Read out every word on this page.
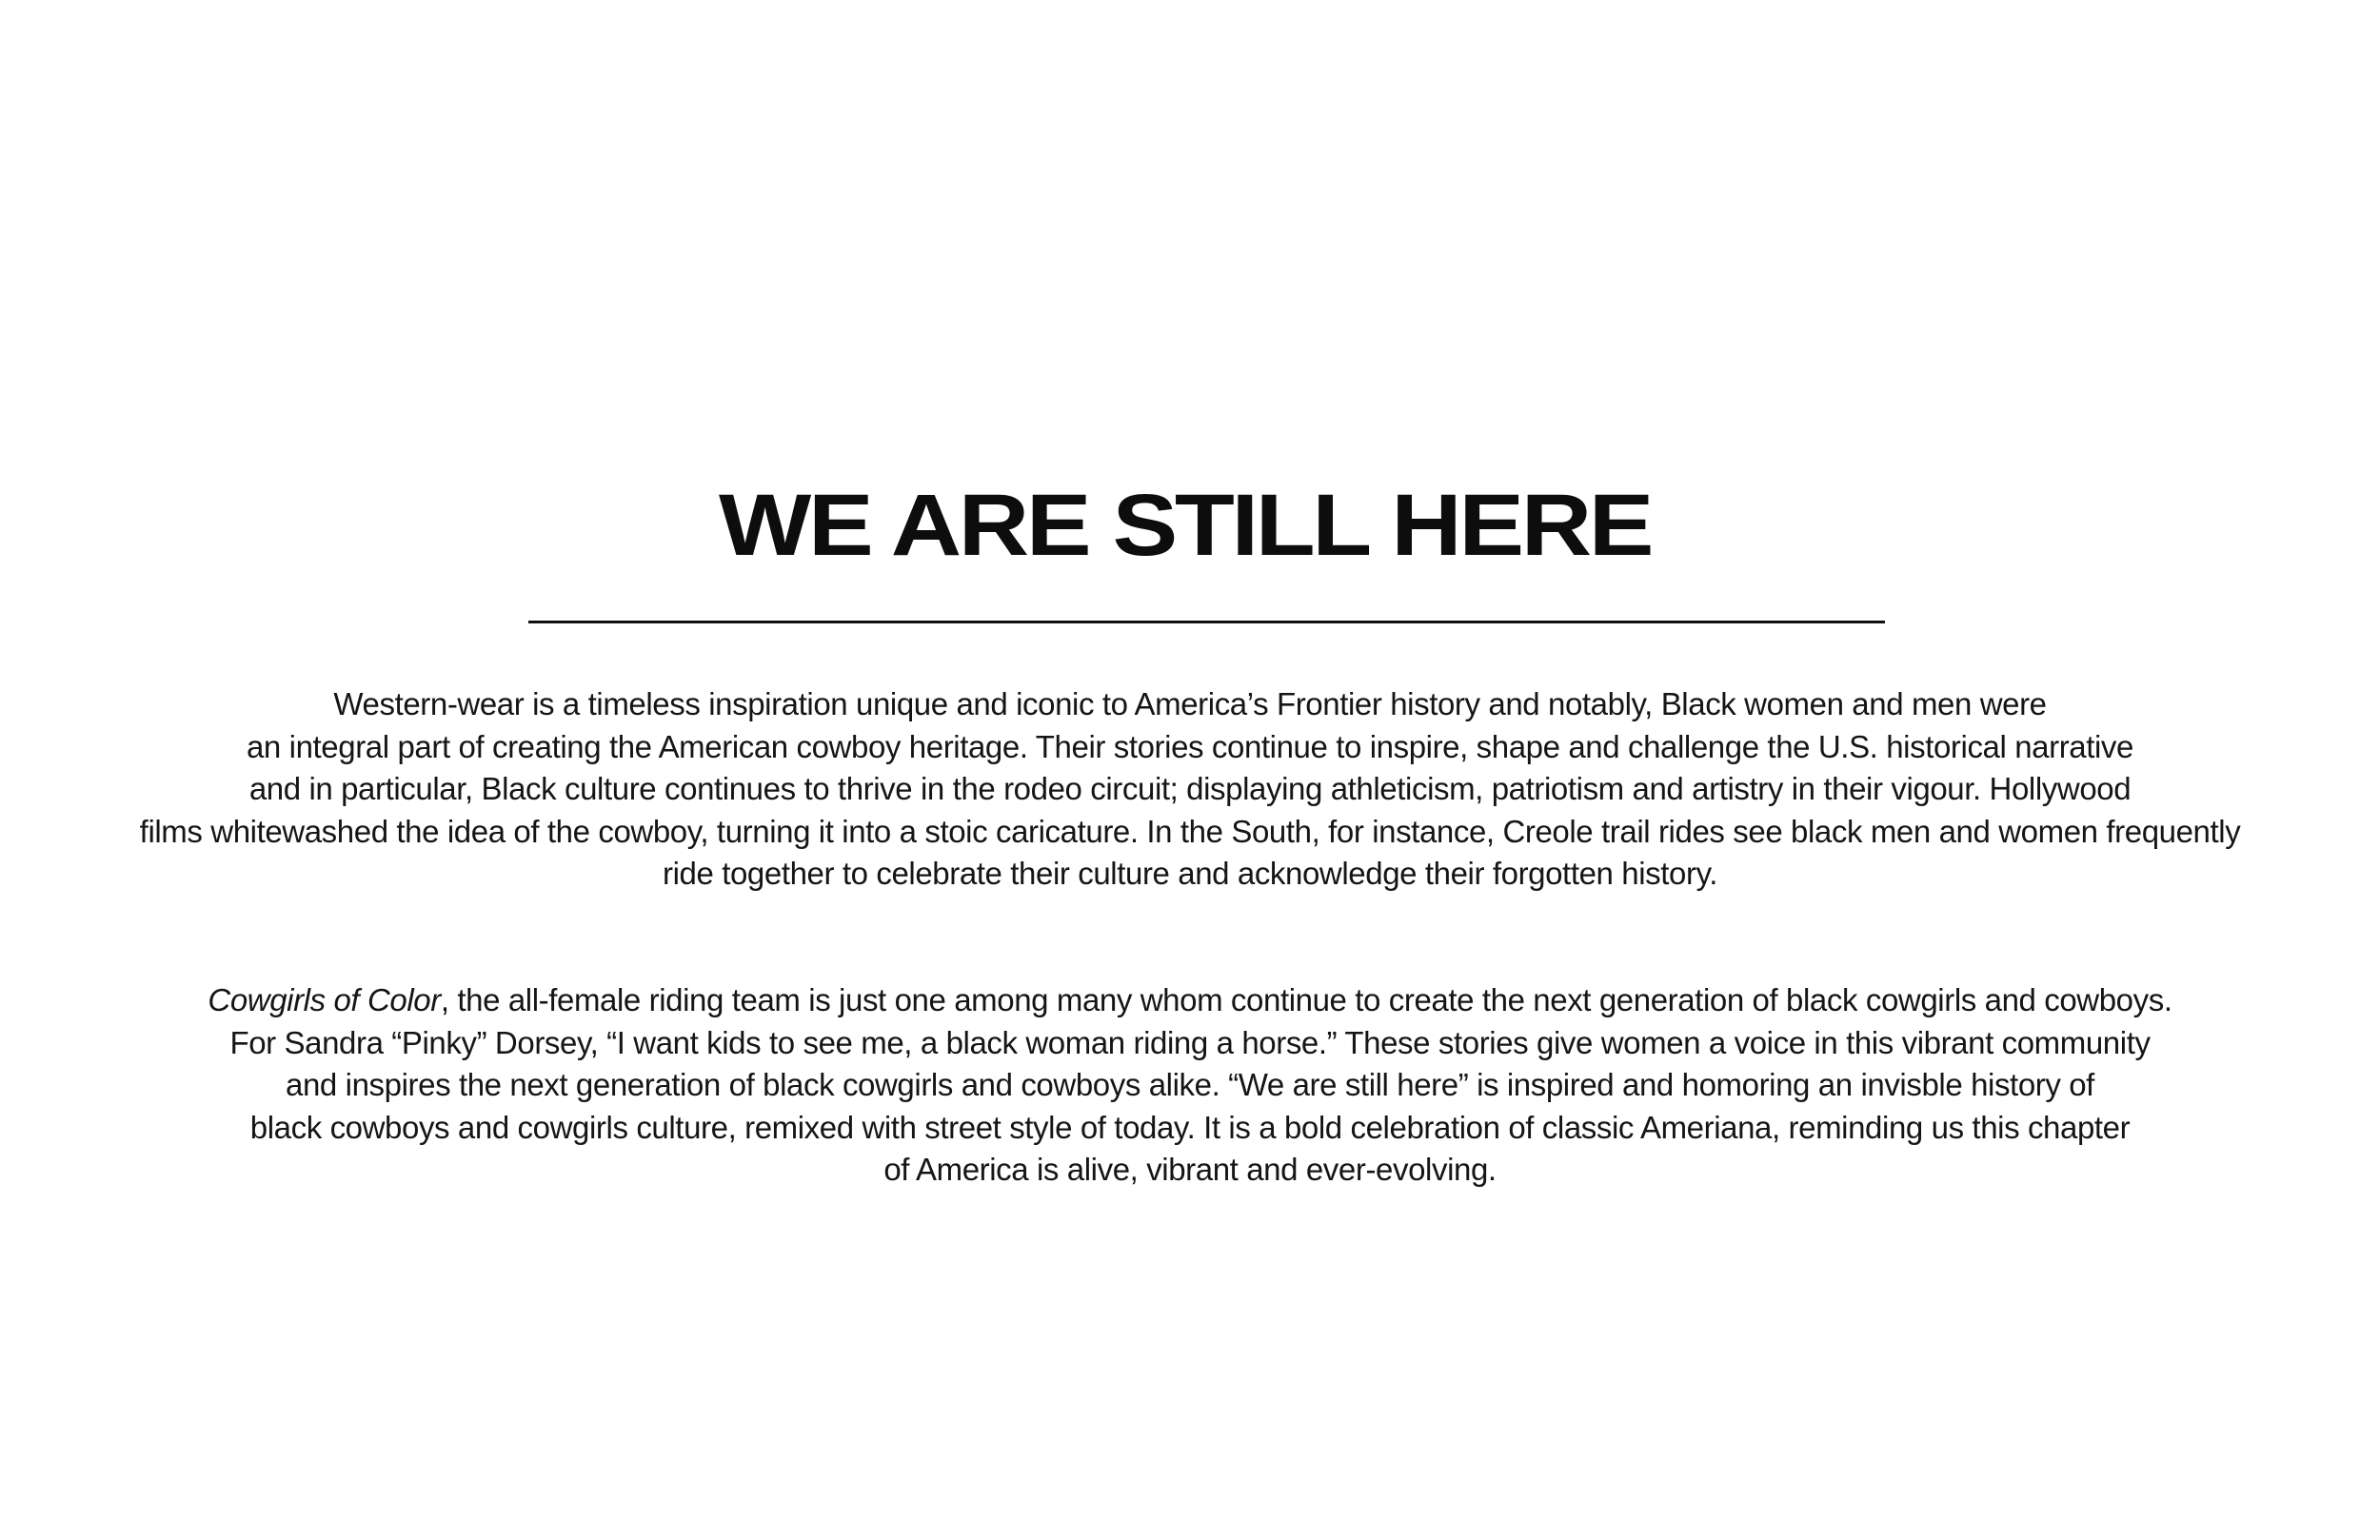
WE ARE STILL HERE

Western-wear is a timeless inspiration unique and iconic to America’s Frontier history and notably, Black women and men were
an integral part of creating the American cowboy heritage. Their stories continue to inspire, shape and challenge the U.S. historical narrative
and in particular, Black culture continues to thrive in the rodeo circuit; displaying athleticism, patriotism and artistry in their vigour. Hollywood
films whitewashed the idea of the cowboy, turning it into a stoic caricature. In the South, for instance, Creole trail rides see black men and women frequently
ride together to celebrate their culture and acknowledge their forgotten history.

Cowgirls of Color, the all-female riding team is just one among many whom continue to create the next generation of black cowgirls and cowboys.
For Sandra “Pinky” Dorsey, “I want kids to see me, a black woman riding a horse.” These stories give women a voice in this vibrant community
and inspires the next generation of black cowgirls and cowboys alike. “We are still here” is inspired and homoring an invisble history of
black cowboys and cowgirls culture, remixed with street style of today. It is a bold celebration of classic Ameriana, reminding us this chapter
of America is alive, vibrant and ever-evolving.
